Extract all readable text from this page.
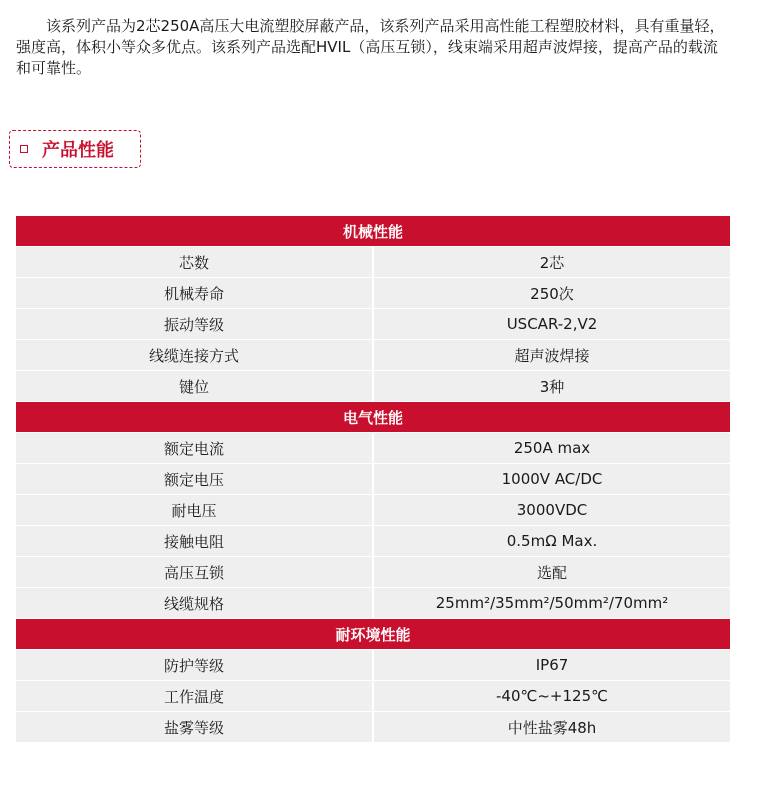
该系列产品为2芯250A高压大电流塑胶屏蔽产品，该系列产品采用高性能工程塑胶材料，具有重量轻，强度高，体积小等众多优点。该系列产品选配HVIL（高压互锁），线束端采用超声波焊接，提高产品的载流和可靠性。

产品性能
机械性能	
芯数	2芯
机械寿命	250次
振动等级	USCAR-2,V2
线缆连接方式	超声波焊接
键位	3种
电气性能	
额定电流	250A max
额定电压	1000V AC/DC
耐电压	3000VDC
接触电阻	0.5mΩ Max.
高压互锁	选配
线缆规格	25mm²/35mm²/50mm²/70mm²
耐环境性能	
防护等级	IP67
工作温度	-40℃~+125℃
盐雾等级	中性盐雾48h
